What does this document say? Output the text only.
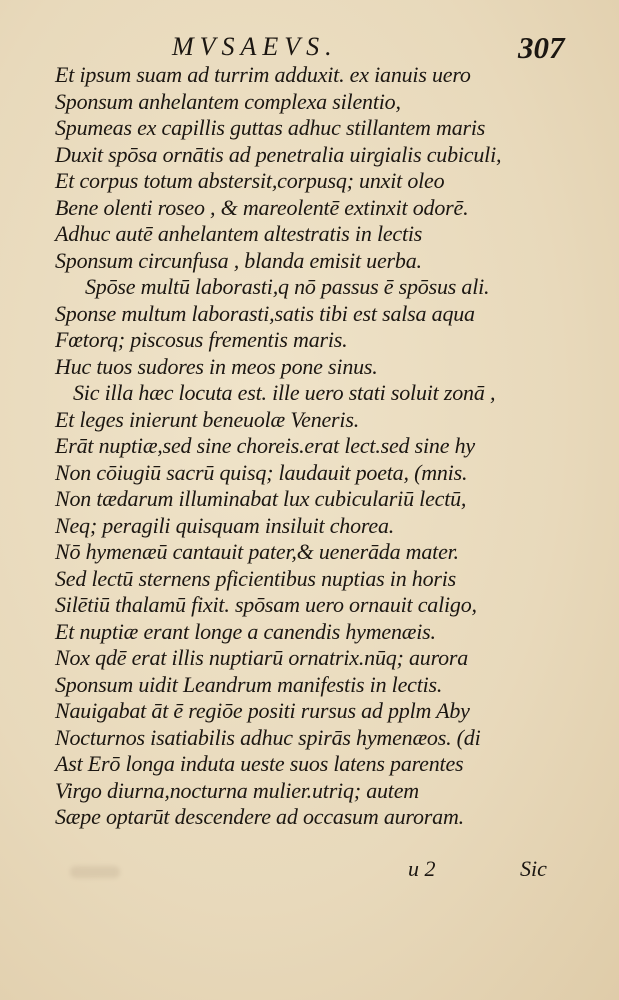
MVSAEVS.	307
Et ipsum suam ad turrim adduxit. ex ianuis uero
Sponsum anhelantem complexa silentio,
Spumeas ex capillis guttas adhuc stillantem maris
Duxit spōsa ornātis ad penetralia uirgialis cubiculi,
Et corpus totum abstersit,corpusq; unxit oleo
Bene olenti roseo , & mareolentē extinxit odorē.
Adhuc autē anhelantem altestratis in lectis
Sponsum circunfusa , blanda emisit uerba.
Spōse multū laborasti,q nō passus ē spōsus ali.
Sponse multum laborasti,satis tibi est salsa aqua
Fœtorq; piscosus frementis maris.
Huc tuos sudores in meos pone sinus.
Sic illa hæc locuta est. ille uero stati soluit zonā ,
Et leges inierunt beneuolæ Veneris.
Erāt nuptiæ,sed sine choreis.erat lect.sed sine hy
Non cōiugiū sacrū quisq; laudauit poeta, (mnis.
Non tædarum illuminabat lux cubiculariū lectū,
Neq; peragili quisquam insiluit chorea.
Nō hymenæū cantauit pater,& uenerāda mater.
Sed lectū sternens pficientibus nuptias in horis
Silētiū thalamū fixit. spōsam uero ornauit caligo,
Et nuptiæ erant longe a canendis hymenæis.
Nox qdē erat illis nuptiarū ornatrix.nūq; aurora
Sponsum uidit Leandrum manifestis in lectis.
Nauigabat āt ē regiōe positi rursus ad pplm Aby
Nocturnos isatiabilis adhuc spirās hymenæos. (di
Ast Erō longa induta ueste suos latens parentes
Virgo diurna,nocturna mulier.utriq; autem
Sæpe optarūt descendere ad occasum auroram.
u 2	Sic
